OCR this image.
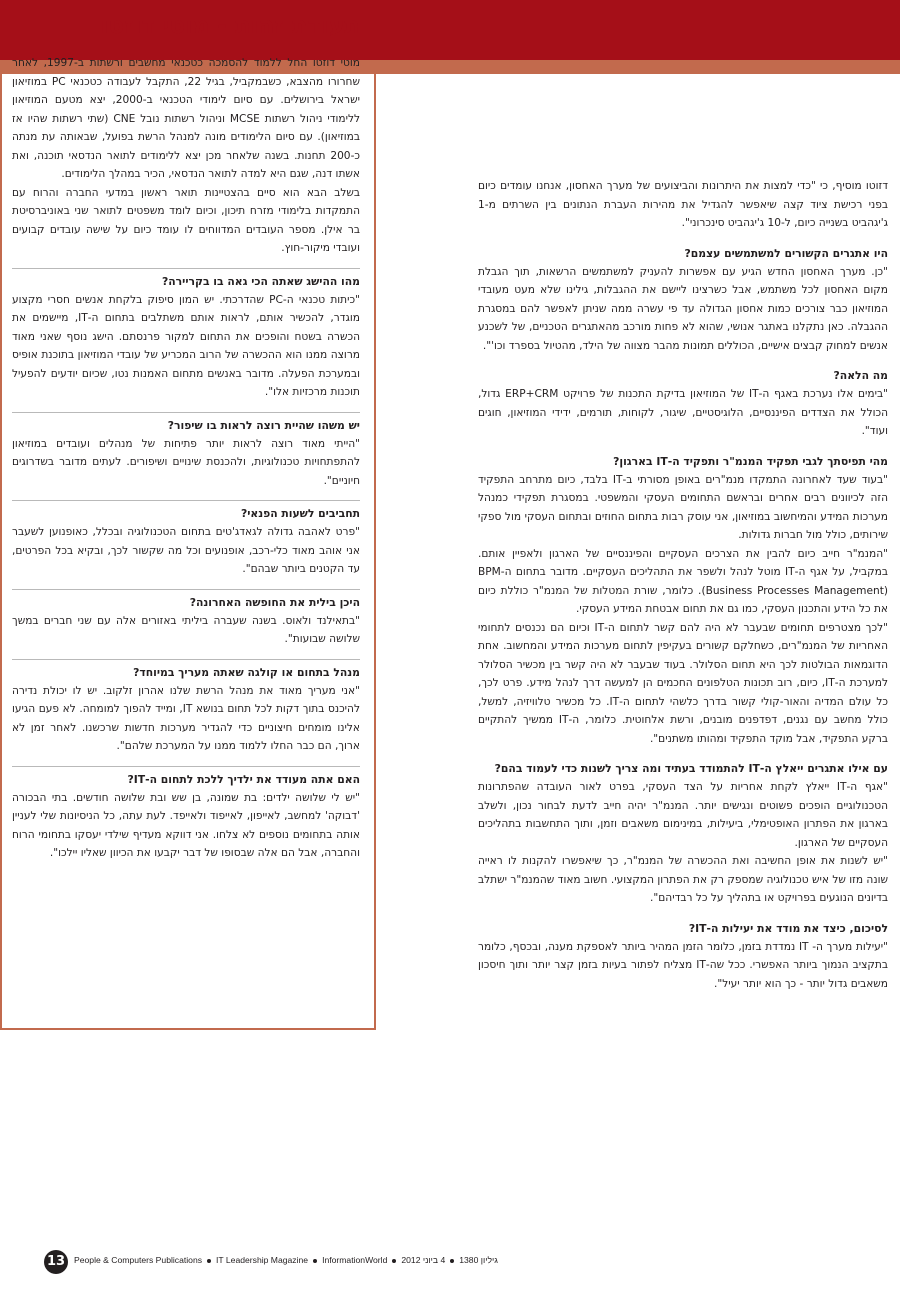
דזוטו מוסיף, כי "כדי למצות את היתרונות והביצועים של מערך האחסון, אנחנו עומדים כיום בפני רכישת ציוד קצה שיאפשר להגדיל את מהירות העברת הנתונים בין השרתים מ-1 ג'יגהביט בשנייה כיום, ל-10 ג'יגהביט סינכרוני".

היו אתגרים הקשורים למשתמשים עצמם?

"כן. מערך האחסון החדש הגיע עם אפשרות להעניק למשתמשים הרשאות, תוך הגבלת מקום האחסון לכל משתמש, אבל כשרצינו ליישם את ההגבלות, גילינו שלא מעט מעובדי המוזיאון כבר צורכים כמות אחסון הגדולה עד פי עשרה ממה שניתן לאפשר להם במסגרת ההגבלה. כאן נתקלנו באתגר אנושי, שהוא לא פחות מורכב מהאתגרים הטכניים, של לשכנע אנשים למחוק קבצים אישיים, הכוללים תמונות מהבר מצווה של הילד, מהטיול בספרד וכו'".

מה הלאה?

"בימים אלו נערכת באגף ה-IT של המוזיאון בדיקת התכנות של פרויקט ERP+CRM גדול, הכולל את הצדדים הפיננסיים, הלוגיסטיים, שיגור, לקוחות, תורמים, ידידי המוזיאון, חוגים ועוד".

מהי תפיסתך לגבי תפקיד המנמ"ר ותפקיד ה-IT בארגון?

"בעוד שעד לאחרונה התמקדו מנמ"רים באופן מסורתי ב-IT בלבד, כיום מתרחב התפקיד הזה לכיוונים רבים אחרים ובראשם התחומים העסקי והמשפטי. במסגרת תפקידי כמנהל מערכות המידע והמיחשוב במוזיאון, אני עוסק רבות בתחום החוזים ובתחום העסקי מול ספקי שירותים, כולל מול חברות גדולות.

"המנמ"ר חייב כיום להבין את הצרכים העסקיים והפיננסיים של הארגון ולאפיין אותם. במקביל, על אגף ה-IT מוטל לנהל ולשפר את התהליכים העסקיים. מדובר בתחום ה-BPM (Business Processes Management). כלומר, שורת המטלות של המנמ"ר כוללת כיום את כל הידע והתכנון העסקי, כמו גם את תחום אבטחת המידע העסקי.

"לכך מצטרפים תחומים שבעבר לא היה להם קשר לתחום ה-IT וכיום הם נכנסים לתחומי האחריות של המנמ"רים, כשחלקם קשורים בעקיפין לתחום מערכות המידע והמחשוב. אחת הדוגמאות הבולטות לכך היא תחום הסלולר. בעוד שבעבר לא היה קשר בין מכשיר הסלולר למערכת ה-IT, כיום, רוב תכונות הטלפונים החכמים הן למעשה דרך לנהל מידע. פרט לכך, כל עולם המדיה והאור-קולי קשור בדרך כלשהי לתחום ה-IT. כל מכשיר טלוויזיה, למשל, כולל מחשב עם נגנים, דפדפנים מובנים, ורשת אלחוטית. כלומר, ה-IT ממשיך להתקיים ברקע התפקיד, אבל מוקד התפקיד ומהותו משתנים".

עם אילו אתגרים ייאלץ ה-IT להתמודד בעתיד ומה צריך לשנות כדי לעמוד בהם?

"אגף ה-IT ייאלץ לקחת אחריות על הצד העסקי, בפרט לאור העובדה שהפתרונות הטכנולוגיים הופכים פשוטים ונגישים יותר. המנמ"ר יהיה חייב לדעת לבחור נכון, ולשלב בארגון את הפתרון האופטימלי, ביעילות, במינימום משאבים וזמן, ותוך התחשבות בתהליכים העסקיים של הארגון.

"יש לשנות את אופן החשיבה ואת ההכשרה של המנמ"ר, כך שיאפשרו להקנות לו ראייה שונה מזו של איש טכנולוגיה שמספק רק את הפתרון המקצועי. חשוב מאוד שהמנמ"ר ישתלב בדיונים הנוגעים בפרויקט או בתהליך על כל רבדיהם".

לסיכום, כיצד את מודד את יעילות ה-IT?

"יעילות מערך ה- IT נמדדת בזמן, כלומר הזמן המהיר ביותר לאספקת מענה, ובכסף, כלומר בתקציב הנמוך ביותר האפשרי. ככל שה-IT מצליח לפתור בעיות בזמן קצר יותר ותוך חיסכון משאבים גדול יותר - כך הוא יותר יעיל".

תעודת זהות - מוטי דוזטו

מוטי דוזטו החל ללמוד להסמכה כטכנאי מחשבים ורשתות ב-1997, לאחר שחרורו מהצבא, כשבמקביל, בגיל 22, התקבל לעבודה כטכנאי PC במוזיאון ישראל בירושלים. עם סיום לימודי הטכנאי ב-2000, יצא מטעם המוזיאון ללימודי ניהול רשתות MCSE וניהול רשתות נובל CNE (שתי רשתות שהיו אז במוזיאון). עם סיום הלימודים מונה למנהל הרשת בפועל, שבאותה עת מנתה כ-200 תחנות. בשנה שלאחר מכן יצא ללימודים לתואר הנדסאי תוכנה, ואת אשתו דנה, שגם היא למדה לתואר הנדסאי, הכיר במהלך הלימודים.

בשלב הבא הוא סיים בהצטיינות תואר ראשון במדעי החברה והרוח עם התמקדות בלימודי מזרח תיכון, וכיום לומד משפטים לתואר שני באוניברסיטת בר אילן. מספר העובדים המדווחים לו עומד כיום על שישה עובדים קבועים ועובדי מיקור-חוץ.

מהו ההישג שאתה הכי גאה בו בקריירה?

"כיתות טכנאי ה-PC שהדרכתי. יש המון סיפוק בלקחת אנשים חסרי מקצוע מוגדר, להכשיר אותם, לראות אותם משתלבים בתחום ה-IT, מיישמים את הכשרה בשטח והופכים את התחום למקור פרנסתם. הישג נוסף שאני מאוד מרוצה ממנו הוא ההכשרה של הרוב המכריע של עובדי המוזיאון בתוכנת אופיס ובמערכת הפעלה. מדובר באנשים מתחום האמנות נטו, שכיום יודעים להפעיל תוכנות מרכזיות אלו".

יש משהו שהיית רוצה לראות בו שיפור?

"הייתי מאוד רוצה לראות יותר פתיחות של מנהלים ועובדים במוזיאון להתפתחויות טכנולוגיות, ולהכנסת שינויים ושיפורים. לעתים מדובר בשדרוגים חיוניים".

תחביבים לשעות הפנאי?

"פרט לאהבה גדולה לגאדג'טים בתחום הטכנולוגיה ובכלל, כאופנוען לשעבר אני אוהב מאוד כלי-רכב, אופנועים וכל מה שקשור לכך, ובקיא בכל הפרטים, עד הקטנים ביותר שבהם".

היכן בילית את החופשה האחרונה?

"בתאילנד ולאוס. בשנה שעברה ביליתי באזורים אלה עם שני חברים במשך שלושה שבועות".

מנהל בתחום או קולגה שאתה מעריך במיוחד?

"אני מעריך מאוד את מנהל הרשת שלנו אהרון זלקוב. יש לו יכולת נדירה להיכנס בתוך דקות לכל תחום בנושא IT, ומייד להפוך למומחה. לא פעם הגיעו אלינו מומחים חיצוניים כדי להגדיר מערכות חדשות שרכשנו. לאחר זמן לא ארוך, הם כבר החלו ללמוד ממנו על המערכת שלהם".

האם אתה מעודד את ילדיך ללכת לתחום ה-IT?

"יש לי שלושה ילדים: בת שמונה, בן שש ובת שלושה חודשים. בתי הבכורה 'דבוקה' למחשב, לאייפון, לאייפוד ולאייפד. לעת עתה, כל הניסיונות שלי לעניין אותה בתחומים נוספים לא צלחו. אני דווקא מעדיף שילדי יעסקו בתחומי הרוח והחברה, אבל הם אלה שבסופו של דבר יקבעו את הכיוון שאליו יילכו".

13	People & Computers Publications IT Leadership Magazine InformationWorld 4 ביוני 2012 גיליון 1380
